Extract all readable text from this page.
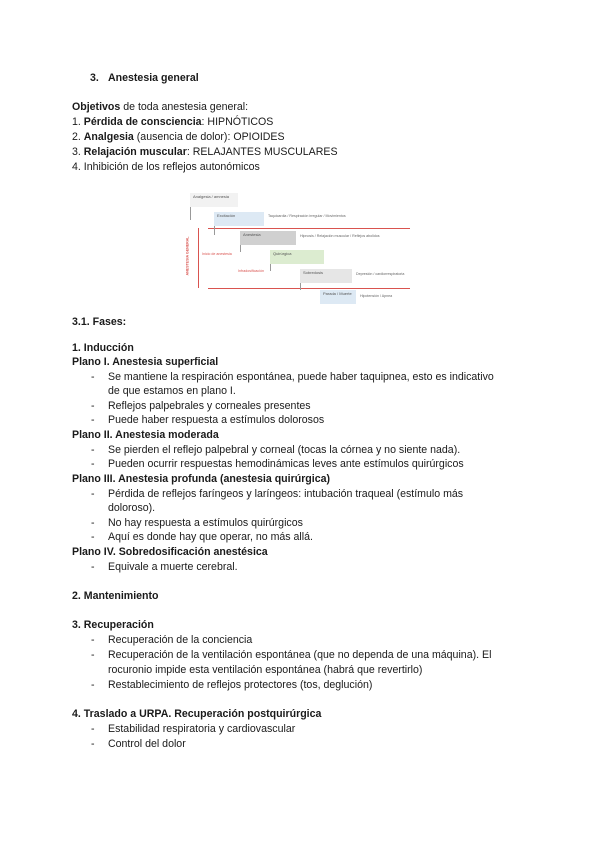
3. Anestesia general
Objetivos de toda anestesia general:
1. Pérdida de consciencia: HIPNÓTICOS
2. Analgesia (ausencia de dolor): OPIOIDES
3. Relajación muscular: RELAJANTES MUSCULARES
4. Inhibición de los reflejos autonómicos
ANESTESIA GENERAL
Analgesia / amnesia
Excitación
Anestesia
Quirúrgica
Sobredosis
Parada / Muerte
Taquicardia / Respiración irregular / Movimientos
Hipnosis / Relajación muscular / Reflejos abolidos
Depresión / cardiorrespiratoria
Hipotensión / Apnea
Inicio de anestesia
Infradosificación
3.1. Fases:
1. Inducción
Plano I. Anestesia superficial
- Se mantiene la respiración espontánea, puede haber taquipnea, esto es indicativo
de que estamos en plano I.
- Reflejos palpebrales y corneales presentes
- Puede haber respuesta a estímulos dolorosos
Plano II. Anestesia moderada
- Se pierden el reflejo palpebral y corneal (tocas la córnea y no siente nada).
- Pueden ocurrir respuestas hemodinámicas leves ante estímulos quirúrgicos
Plano III. Anestesia profunda (anestesia quirúrgica)
- Pérdida de reflejos faríngeos y laríngeos: intubación traqueal (estímulo más
doloroso).
- No hay respuesta a estímulos quirúrgicos
- Aquí es donde hay que operar, no más allá.
Plano IV. Sobredosificación anestésica
- Equivale a muerte cerebral.
2. Mantenimiento
3. Recuperación
- Recuperación de la conciencia
- Recuperación de la ventilación espontánea (que no dependa de una máquina). El
rocuronio impide esta ventilación espontánea (habrá que revertirlo)
- Restablecimiento de reflejos protectores (tos, deglución)
4. Traslado a URPA. Recuperación postquirúrgica
- Estabilidad respiratoria y cardiovascular
- Control del dolor
